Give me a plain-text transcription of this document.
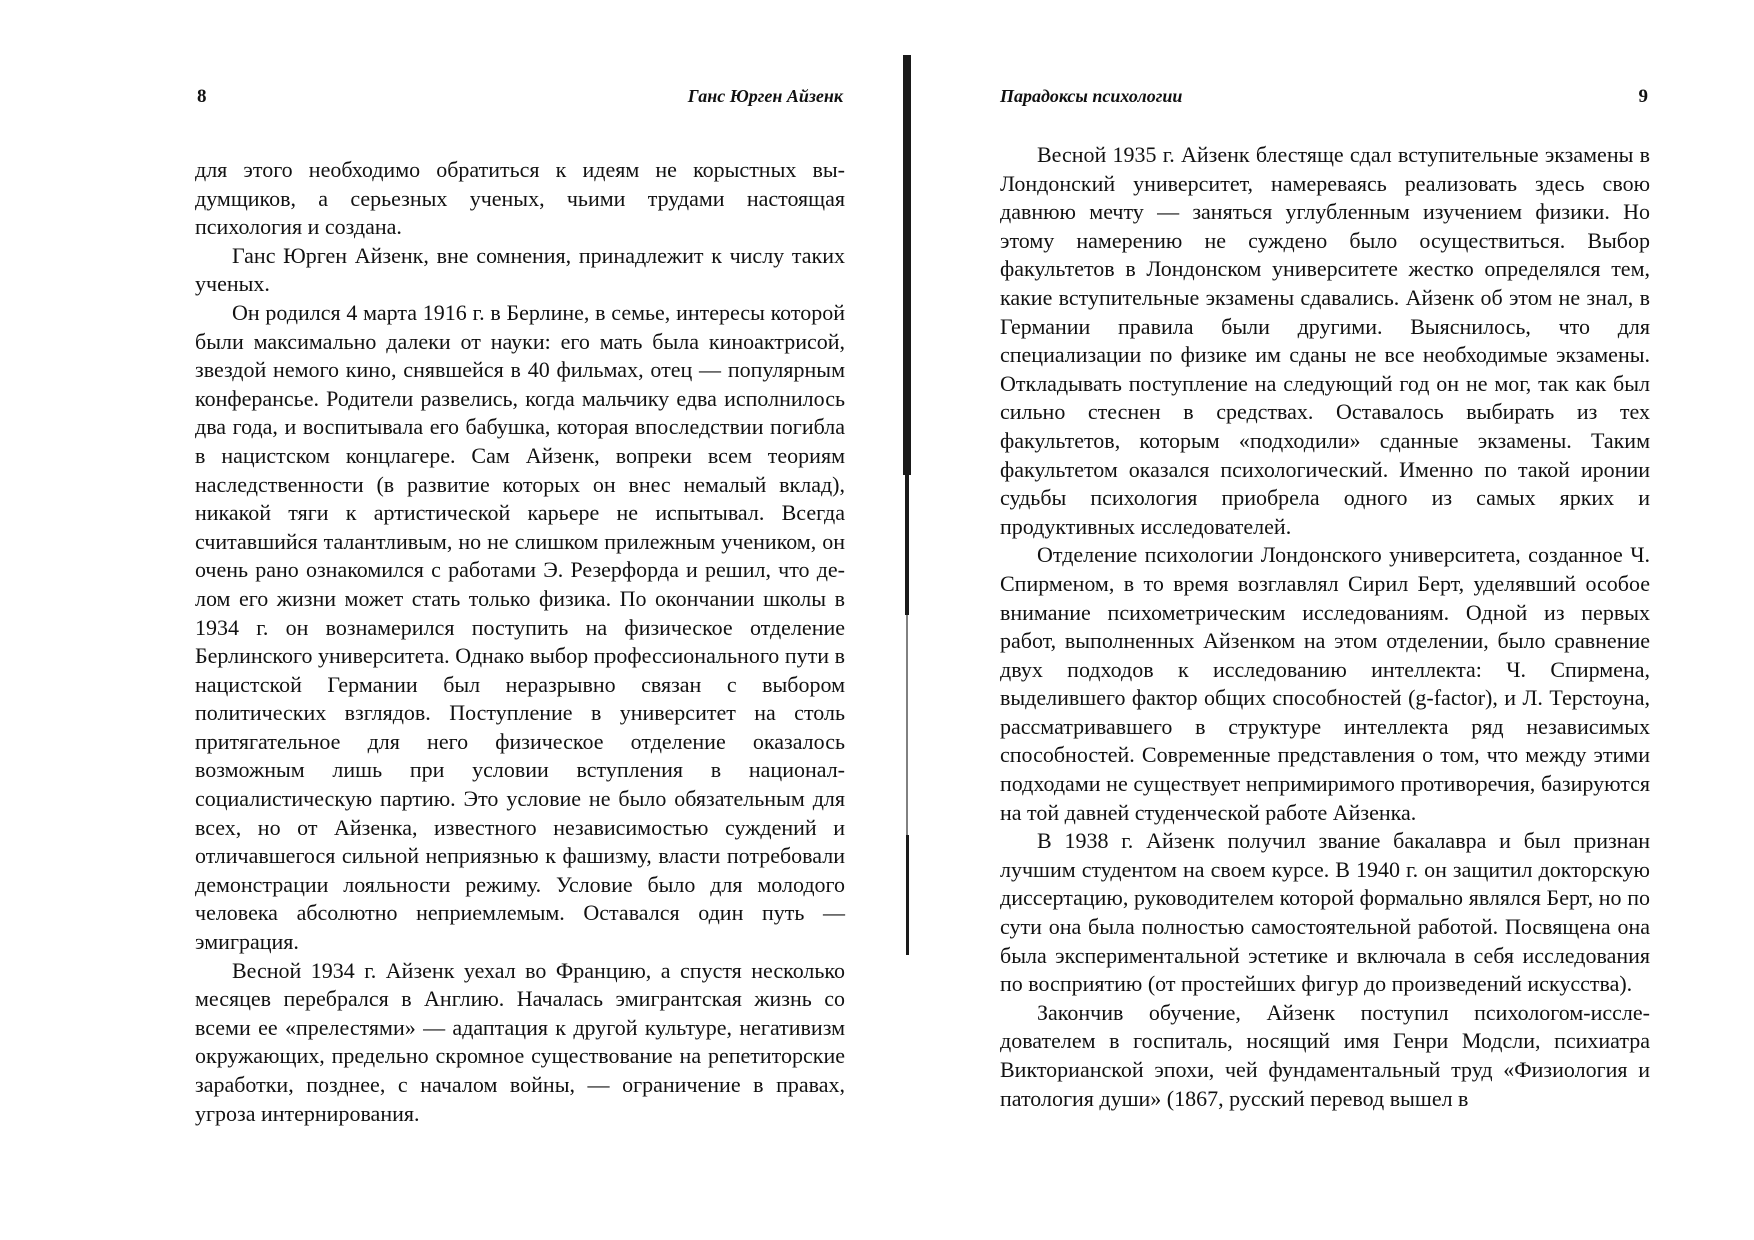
8	Ганс Юрген Айзенк

для этого необходимо обратиться к идеям не корыстных выдумщиков, а серьезных ученых, чьими трудами настоящая психология и создана.

Ганс Юрген Айзенк, вне сомнения, принадлежит к числу таких ученых.

Он родился 4 марта 1916 г. в Берлине, в семье, интересы которой были максимально далеки от науки: его мать была киноактрисой, звездой немого кино, снявшейся в 40 фильмах, отец — популярным конферансье. Родители развелись, когда мальчику едва исполнилось два года, и воспитывала его бабушка, которая впоследствии погибла в нацистском концлагере. Сам Айзенк, вопреки всем теориям наследственности (в развитие которых он внес немалый вклад), никакой тяги к артистической карьере не испытывал. Всегда считавшийся талантливым, но не слишком прилежным учеником, он очень рано ознакомился с работами Э. Резерфорда и решил, что делом его жизни может стать только физика. По окончании школы в 1934 г. он вознамерился поступить на физическое отделение Берлинского университета. Однако выбор профессионального пути в нацистской Германии был неразрывно связан с выбором политических взглядов. Поступление в университет на столь притягательное для него физическое отделение оказалось возможным лишь при условии вступления в национал-социалистическую партию. Это условие не было обязательным для всех, но от Айзенка, известного независимостью суждений и отличавшегося сильной неприязнью к фашизму, власти потребовали демонстрации лояльности режиму. Условие было для молодого человека абсолютно неприемлемым. Оставался один путь — эмиграция.

Весной 1934 г. Айзенк уехал во Францию, а спустя несколько месяцев перебрался в Англию. Началась эмигрантская жизнь со всеми ее «прелестями» — адаптация к другой культуре, негативизм окружающих, предельно скромное существование на репетиторские заработки, позднее, с началом войны, — ограничение в правах, угроза интернирования.

Парадоксы психологии	9

Весной 1935 г. Айзенк блестяще сдал вступительные экзамены в Лондонский университет, намереваясь реализовать здесь свою давнюю мечту — заняться углубленным изучением физики. Но этому намерению не суждено было осуществиться. Выбор факультетов в Лондонском университете жестко определялся тем, какие вступительные экзамены сдавались. Айзенк об этом не знал, в Германии правила были другими. Выяснилось, что для специализации по физике им сданы не все необходимые экзамены. Откладывать поступление на следующий год он не мог, так как был сильно стеснен в средствах. Оставалось выбирать из тех факультетов, которым «подходили» сданные экзамены. Таким факультетом оказался психологический. Именно по такой иронии судьбы психология приобрела одного из самых ярких и продуктивных исследователей.

Отделение психологии Лондонского университета, созданное Ч. Спирменом, в то время возглавлял Сирил Берт, уделявший особое внимание психометрическим исследованиям. Одной из первых работ, выполненных Айзенком на этом отделении, было сравнение двух подходов к исследованию интеллекта: Ч. Спирмена, выделившего фактор общих способностей (g-factor), и Л. Терстоуна, рассматривавшего в структуре интеллекта ряд независимых способностей. Современные представления о том, что между этими подходами не существует непримиримого противоречия, базируются на той давней студенческой работе Айзенка.

В 1938 г. Айзенк получил звание бакалавра и был признан лучшим студентом на своем курсе. В 1940 г. он защитил докторскую диссертацию, руководителем которой формально являлся Берт, но по сути она была полностью самостоятельной работой. Посвящена она была экспериментальной эстетике и включала в себя исследования по восприятию (от простейших фигур до произведений искусства).

Закончив обучение, Айзенк поступил психологом-исследователем в госпиталь, носящий имя Генри Модсли, психиатра Викторианской эпохи, чей фундаментальный труд «Физиология и патология души» (1867, русский перевод вышел в
